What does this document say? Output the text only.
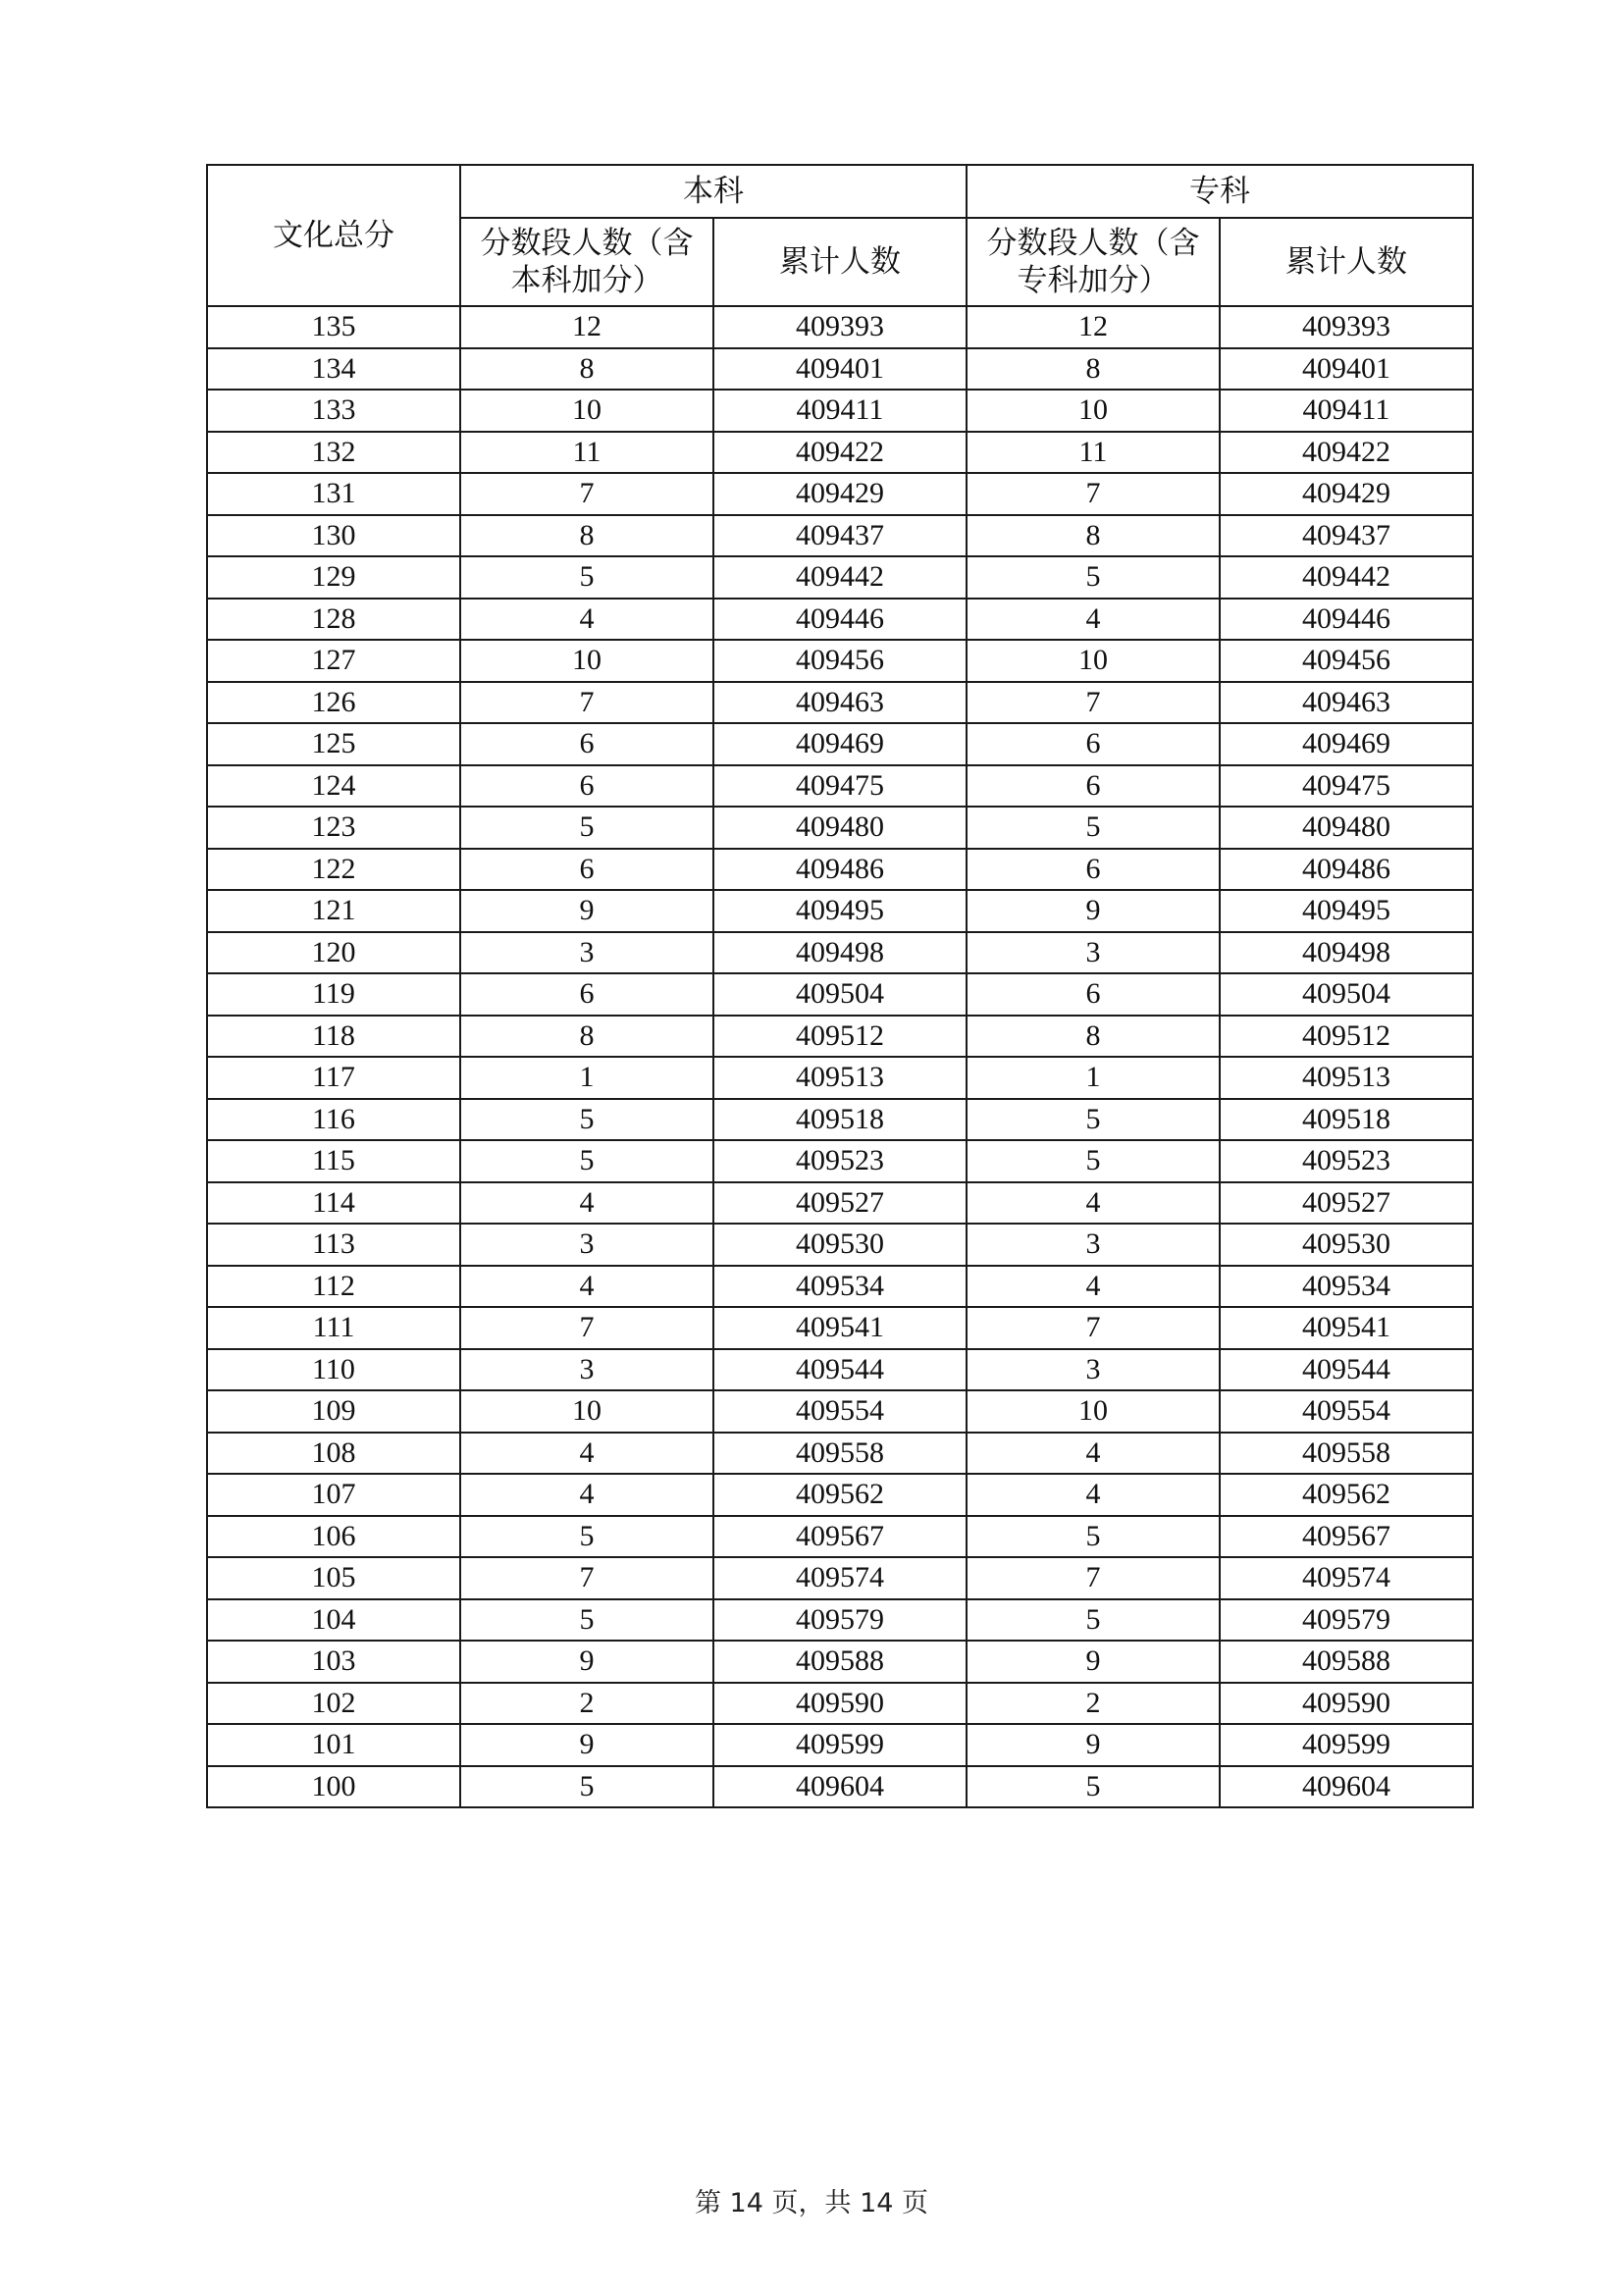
文化总分	本科		专科	
	分数段人数（含本科加分）	累计人数	分数段人数（含专科加分）	累计人数
135	12	409393	12	409393
134	8	409401	8	409401
133	10	409411	10	409411
132	11	409422	11	409422
131	7	409429	7	409429
130	8	409437	8	409437
129	5	409442	5	409442
128	4	409446	4	409446
127	10	409456	10	409456
126	7	409463	7	409463
125	6	409469	6	409469
124	6	409475	6	409475
123	5	409480	5	409480
122	6	409486	6	409486
121	9	409495	9	409495
120	3	409498	3	409498
119	6	409504	6	409504
118	8	409512	8	409512
117	1	409513	1	409513
116	5	409518	5	409518
115	5	409523	5	409523
114	4	409527	4	409527
113	3	409530	3	409530
112	4	409534	4	409534
111	7	409541	7	409541
110	3	409544	3	409544
109	10	409554	10	409554
108	4	409558	4	409558
107	4	409562	4	409562
106	5	409567	5	409567
105	7	409574	7	409574
104	5	409579	5	409579
103	9	409588	9	409588
102	2	409590	2	409590
101	9	409599	9	409599
100	5	409604	5	409604
第 14 页，共 14 页
